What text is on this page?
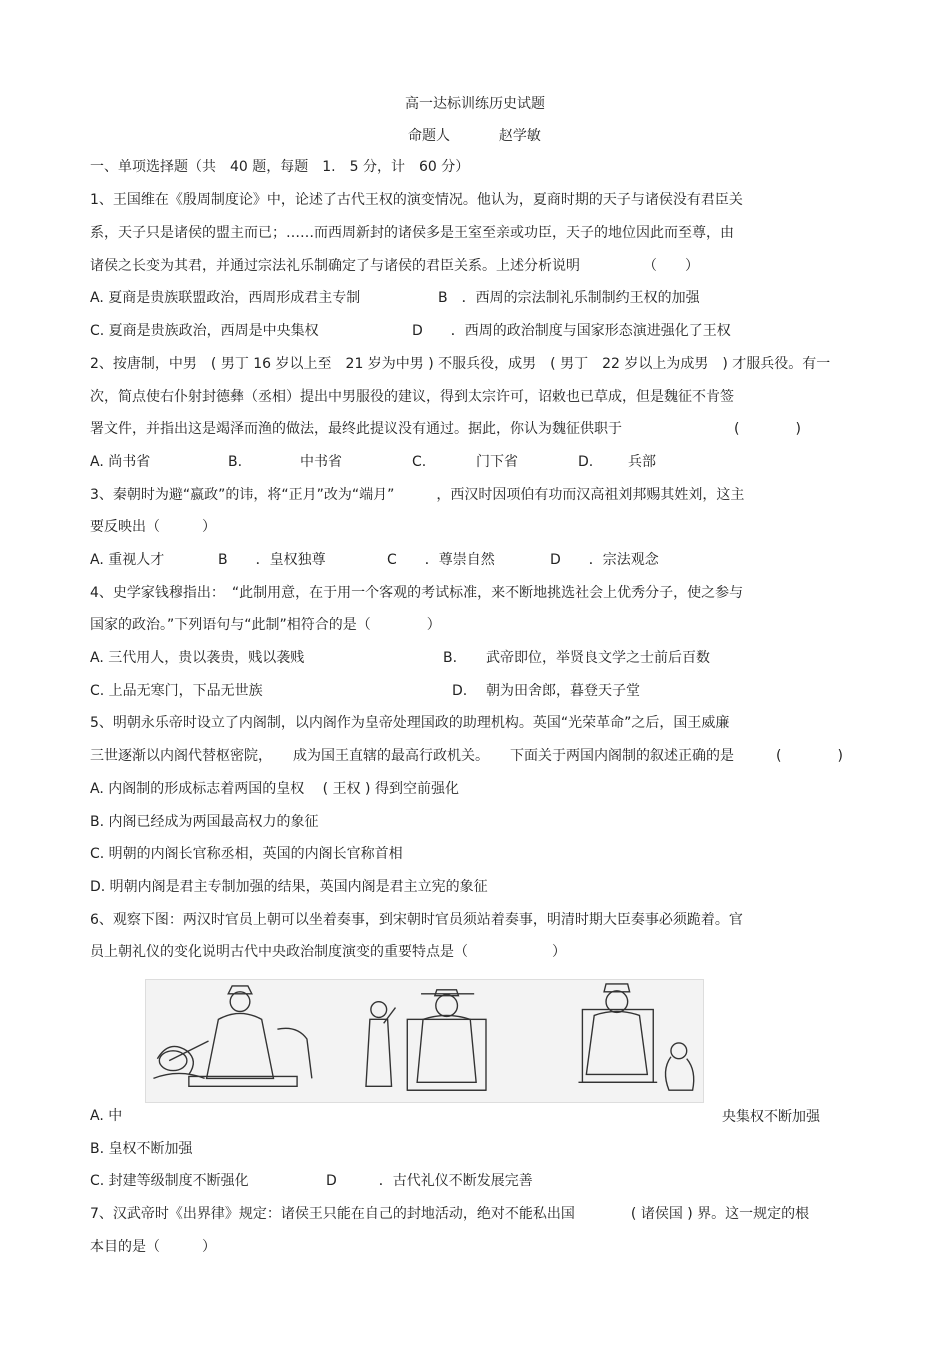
高一达标训练历史试题
命题人	赵学敏
一、单项选择题（共　40 题，每题　1.　5 分，计　60 分）
1、王国维在《殷周制度论》中，论述了古代王权的演变情况。他认为，夏商时期的天子与诸侯没有君臣关
系，天子只是诸侯的盟主而已；……而西周新封的诸侯多是王室至亲或功臣，天子的地位因此而至尊，由
诸侯之长变为其君，并通过宗法礼乐制确定了与诸侯的君臣关系。上述分析说明　　　　　（　　）
A. 夏商是贵族联盟政治，西周形成君主专制	B　．西周的宗法制礼乐制制约王权的加强
C. 夏商是贵族政治，西周是中央集权	D　　．西周的政治制度与国家形态演进强化了王权
2、按唐制，中男　( 男丁 16 岁以上至　21 岁为中男 ) 不服兵役，成男　( 男丁　22 岁以上为成男　) 才服兵役。有一
次，简点使右仆射封德彝（丞相）提出中男服役的建议，得到太宗许可，诏敕也已草成，但是魏征不肯签
署文件，并指出这是竭泽而渔的做法，最终此提议没有通过。据此，你认为魏征供职于　　　　　　　　(　　　　)
A. 尚书省	B.	中书省	C.	门下省	D. 兵部
3、秦朝时为避“嬴政”的讳，将“正月”改为“端月”　　　，西汉时因项伯有功而汉高祖刘邦赐其姓刘，这主
要反映出（　　　）
A. 重视人才	B　　．皇权独尊	C　　．尊崇自然	D　　．宗法观念
4、史学家钱穆指出：　“此制用意，在于用一个客观的考试标准，来不断地挑选社会上优秀分子，使之参与
国家的政治。”下列语句与“此制”相符合的是（　　　　）
A. 三代用人，贵以袭贵，贱以袭贱	B. 武帝即位，举贤良文学之士前后百数
C. 上品无寒门，下品无世族	D. 朝为田舍郎，暮登天子堂
5、明朝永乐帝时设立了内阁制，以内阁作为皇帝处理国政的助理机构。英国“光荣革命”之后，国王威廉
三世逐渐以内阁代替枢密院，　　成为国王直辖的最高行政机关。　　下面关于两国内阁制的叙述正确的是　　　(　　　　)
A. 内阁制的形成标志着两国的皇权　 ( 王权 ) 得到空前强化
B. 内阁已经成为两国最高权力的象征
C. 明朝的内阁长官称丞相，英国的内阁长官称首相
D. 明朝内阁是君主专制加强的结果，英国内阁是君主立宪的象征
6、观察下图：两汉时官员上朝可以坐着奏事，到宋朝时官员须站着奏事，明清时期大臣奏事必须跪着。官
员上朝礼仪的变化说明古代中央政治制度演变的重要特点是（　　　　　　）
A. 中	央集权不断加强
B. 皇权不断加强
C. 封建等级制度不断强化	D　　　．古代礼仪不断发展完善
7、汉武帝时《出界律》规定：诸侯王只能在自己的封地活动，绝对不能私出国　　　　( 诸侯国 ) 界。这一规定的根
本目的是（　　　）
